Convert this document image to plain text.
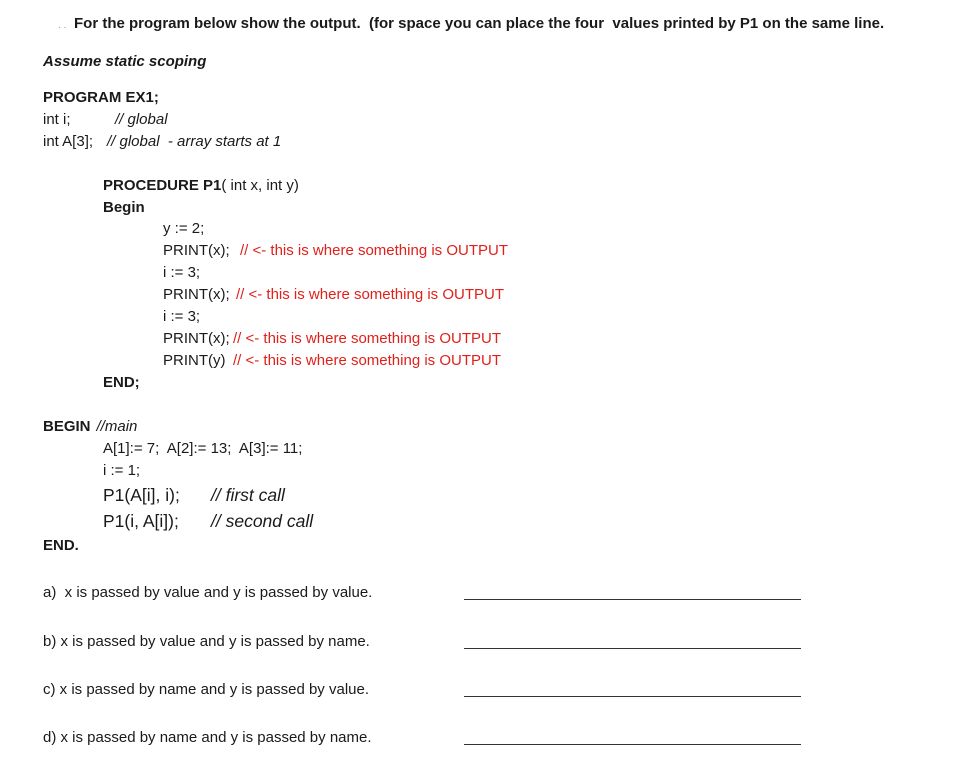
. . For the program below show the output.  (for space you can place the four  values printed by P1 on the same line.
Assume static scoping
PROGRAM EX1;
int i;	// global
int A[3]; // global  - array starts at 1
PROCEDURE P1( int x, int y)
Begin
y := 2;
PRINT(x); // <- this is where something is OUTPUT
i := 3;
PRINT(x); // <- this is where something is OUTPUT
i := 3;
PRINT(x); // <- this is where something is OUTPUT
PRINT(y) // <- this is where something is OUTPUT
END;
BEGIN //main
A[1]:= 7;  A[2]:= 13;  A[3]:= 11;
i := 1;
P1(A[i], i); // first call
P1(i, A[i]); // second call
END.
a)  x is passed by value and y is passed by value.
b) x is passed by value and y is passed by name.
c) x is passed by name and y is passed by value.
d) x is passed by name and y is passed by name.
